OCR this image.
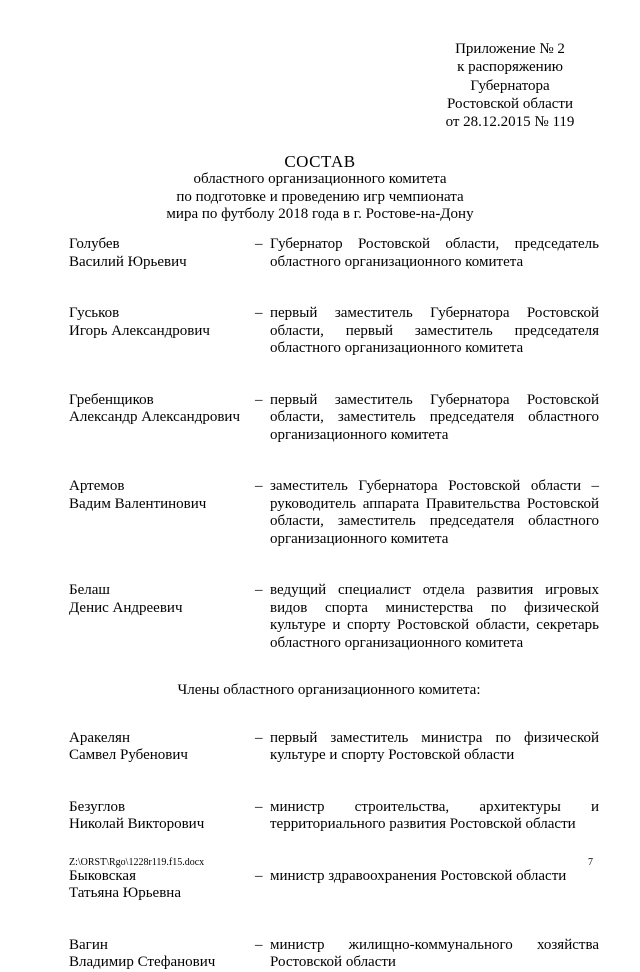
Приложение № 2
к распоряжению
Губернатора
Ростовской области
от 28.12.2015 № 119
СОСТАВ
областного организационного комитета
по подготовке и проведению игр чемпионата
мира по футболу 2018 года в г. Ростове-на-Дону
Голубев
Василий Юрьевич
– Губернатор Ростовской области, председатель областного организационного комитета
Гуськов
Игорь Александрович
– первый заместитель Губернатора Ростовской области, первый заместитель председателя областного организационного комитета
Гребенщиков
Александр Александрович
– первый заместитель Губернатора Ростовской области, заместитель председателя областного организационного комитета
Артемов
Вадим Валентинович
– заместитель Губернатора Ростовской области – руководитель аппарата Правительства Ростовской области, заместитель председателя областного организационного комитета
Белаш
Денис Андреевич
– ведущий специалист отдела развития игровых видов спорта министерства по физической культуре и спорту Ростовской области, секретарь областного организационного комитета
Члены областного организационного комитета:
Аракелян
Самвел Рубенович
– первый заместитель министра по физической культуре и спорту Ростовской области
Безуглов
Николай Викторович
– министр строительства, архитектуры и территориального развития Ростовской области
Быковская
Татьяна Юрьевна
– министр здравоохранения Ростовской области
Вагин
Владимир Стефанович
– министр жилищно-коммунального хозяйства Ростовской области
Z:\ORST\Rgo\1228r119.f15.docx	7
